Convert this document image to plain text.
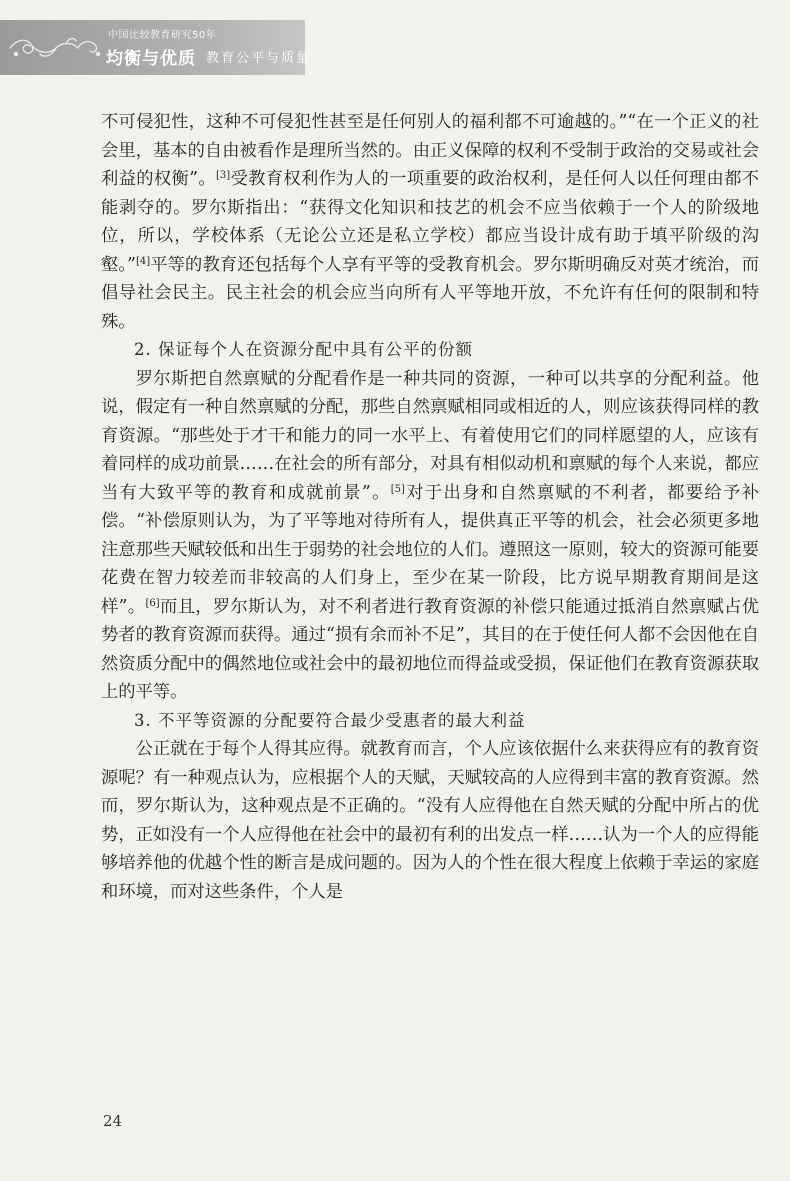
中国比较教育研究50年
均衡与优质 教育公平与质量

不可侵犯性，这种不可侵犯性甚至是任何别人的福利都不可逾越的。”“在一个正义的社会里，基本的自由被看作是理所当然的。由正义保障的权利不受制于政治的交易或社会利益的权衡”。[3]受教育权利作为人的一项重要的政治权利，是任何人以任何理由都不能剥夺的。罗尔斯指出：“获得文化知识和技艺的机会不应当依赖于一个人的阶级地位，所以，学校体系（无论公立还是私立学校）都应当设计成有助于填平阶级的沟壑。”[4]平等的教育还包括每个人享有平等的受教育机会。罗尔斯明确反对英才统治，而倡导社会民主。民主社会的机会应当向所有人平等地开放，不允许有任何的限制和特殊。

2. 保证每个人在资源分配中具有公平的份额

罗尔斯把自然禀赋的分配看作是一种共同的资源，一种可以共享的分配利益。他说，假定有一种自然禀赋的分配，那些自然禀赋相同或相近的人，则应该获得同样的教育资源。“那些处于才干和能力的同一水平上、有着使用它们的同样愿望的人，应该有着同样的成功前景……在社会的所有部分，对具有相似动机和禀赋的每个人来说，都应当有大致平等的教育和成就前景”。[5]对于出身和自然禀赋的不利者，都要给予补偿。“补偿原则认为，为了平等地对待所有人，提供真正平等的机会，社会必须更多地注意那些天赋较低和出生于弱势的社会地位的人们。遵照这一原则，较大的资源可能要花费在智力较差而非较高的人们身上，至少在某一阶段，比方说早期教育期间是这样”。[6]而且，罗尔斯认为，对不利者进行教育资源的补偿只能通过抵消自然禀赋占优势者的教育资源而获得。通过“损有余而补不足”，其目的在于使任何人都不会因他在自然资质分配中的偶然地位或社会中的最初地位而得益或受损，保证他们在教育资源获取上的平等。

3. 不平等资源的分配要符合最少受惠者的最大利益

公正就在于每个人得其应得。就教育而言，个人应该依据什么来获得应有的教育资源呢？有一种观点认为，应根据个人的天赋，天赋较高的人应得到丰富的教育资源。然而，罗尔斯认为，这种观点是不正确的。“没有人应得他在自然天赋的分配中所占的优势，正如没有一个人应得他在社会中的最初有利的出发点一样……认为一个人的应得能够培养他的优越个性的断言是成问题的。因为人的个性在很大程度上依赖于幸运的家庭和环境，而对这些条件，个人是

24
